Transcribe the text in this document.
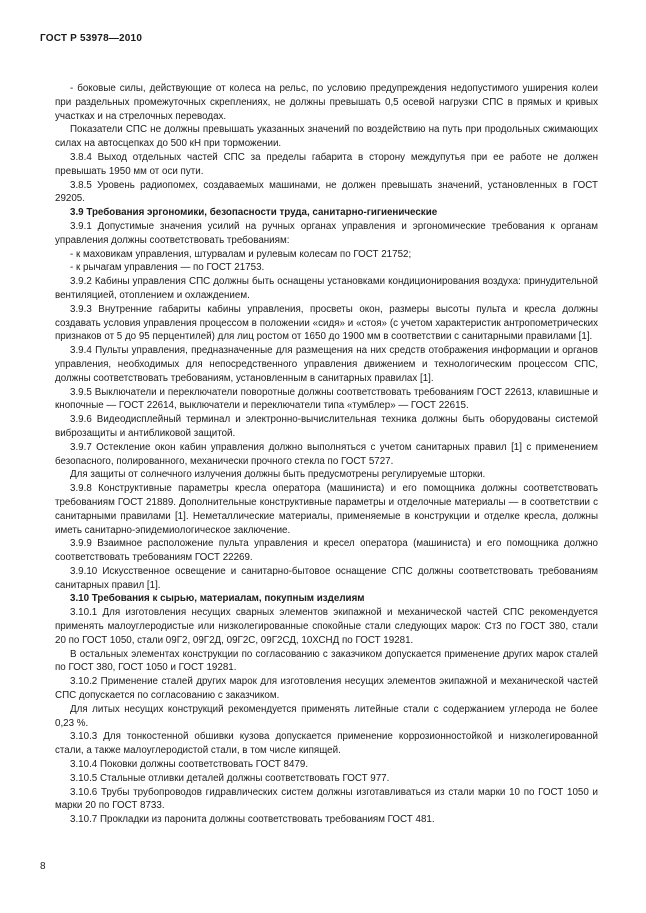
ГОСТ Р 53978—2010

- боковые силы, действующие от колеса на рельс, по условию предупреждения недопустимого уширения колеи при раздельных промежуточных скреплениях, не должны превышать 0,5 осевой нагрузки СПС в прямых и кривых участках и на стрелочных переводах.

Показатели СПС не должны превышать указанных значений по воздействию на путь при продольных сжимающих силах на автосцепках до 500 кН при торможении.

3.8.4 Выход отдельных частей СПС за пределы габарита в сторону междупутья при ее работе не должен превышать 1950 мм от оси пути.

3.8.5 Уровень радиопомех, создаваемых машинами, не должен превышать значений, установленных в ГОСТ 29205.

3.9 Требования эргономики, безопасности труда, санитарно-гигиенические

3.9.1 Допустимые значения усилий на ручных органах управления и эргономические требования к органам управления должны соответствовать требованиям:

- к маховикам управления, штурвалам и рулевым колесам по ГОСТ 21752;

- к рычагам управления — по ГОСТ 21753.

3.9.2 Кабины управления СПС должны быть оснащены установками кондиционирования воздуха: принудительной вентиляцией, отоплением и охлаждением.

3.9.3 Внутренние габариты кабины управления, просветы окон, размеры высоты пульта и кресла должны создавать условия управления процессом в положении «сидя» и «стоя» (с учетом характеристик антропометрических признаков от 5 до 95 перцентилей) для лиц ростом от 1650 до 1900 мм в соответствии с санитарными правилами [1].

3.9.4 Пульты управления, предназначенные для размещения на них средств отображения информации и органов управления, необходимых для непосредственного управления движением и технологическим процессом СПС, должны соответствовать требованиям, установленным в санитарных правилах [1].

3.9.5 Выключатели и переключатели поворотные должны соответствовать требованиям ГОСТ 22613, клавишные и кнопочные — ГОСТ 22614, выключатели и переключатели типа «тумблер» — ГОСТ 22615.

3.9.6 Видеодисплейный терминал и электронно-вычислительная техника должны быть оборудованы системой виброзащиты и антибликовой защитой.

3.9.7 Остекление окон кабин управления должно выполняться с учетом санитарных правил [1] с применением безопасного, полированного, механически прочного стекла по ГОСТ 5727.

Для защиты от солнечного излучения должны быть предусмотрены регулируемые шторки.

3.9.8 Конструктивные параметры кресла оператора (машиниста) и его помощника должны соответствовать требованиям ГОСТ 21889. Дополнительные конструктивные параметры и отделочные материалы — в соответствии с санитарными правилами [1]. Неметаллические материалы, применяемые в конструкции и отделке кресла, должны иметь санитарно-эпидемиологическое заключение.

3.9.9 Взаимное расположение пульта управления и кресел оператора (машиниста) и его помощника должно соответствовать требованиям ГОСТ 22269.

3.9.10 Искусственное освещение и санитарно-бытовое оснащение СПС должны соответствовать требованиям санитарных правил [1].

3.10 Требования к сырью, материалам, покупным изделиям

3.10.1 Для изготовления несущих сварных элементов экипажной и механической частей СПС рекомендуется применять малоуглеродистые или низколегированные спокойные стали следующих марок: Ст3 по ГОСТ 380, стали 20 по ГОСТ 1050, стали 09Г2, 09Г2Д, 09Г2С, 09Г2СД, 10ХСНД по ГОСТ 19281.

В остальных элементах конструкции по согласованию с заказчиком допускается применение других марок сталей по ГОСТ 380, ГОСТ 1050 и ГОСТ 19281.

3.10.2 Применение сталей других марок для изготовления несущих элементов экипажной и механической частей СПС допускается по согласованию с заказчиком.

Для литых несущих конструкций рекомендуется применять литейные стали с содержанием углерода не более 0,23 %.

3.10.3 Для тонкостенной обшивки кузова допускается применение коррозионностойкой и низколегированной стали, а также малоуглеродистой стали, в том числе кипящей.

3.10.4 Поковки должны соответствовать ГОСТ 8479.

3.10.5 Стальные отливки деталей должны соответствовать ГОСТ 977.

3.10.6 Трубы трубопроводов гидравлических систем должны изготавливаться из стали марки 10 по ГОСТ 1050 и марки 20 по ГОСТ 8733.

3.10.7 Прокладки из паронита должны соответствовать требованиям ГОСТ 481.

8
